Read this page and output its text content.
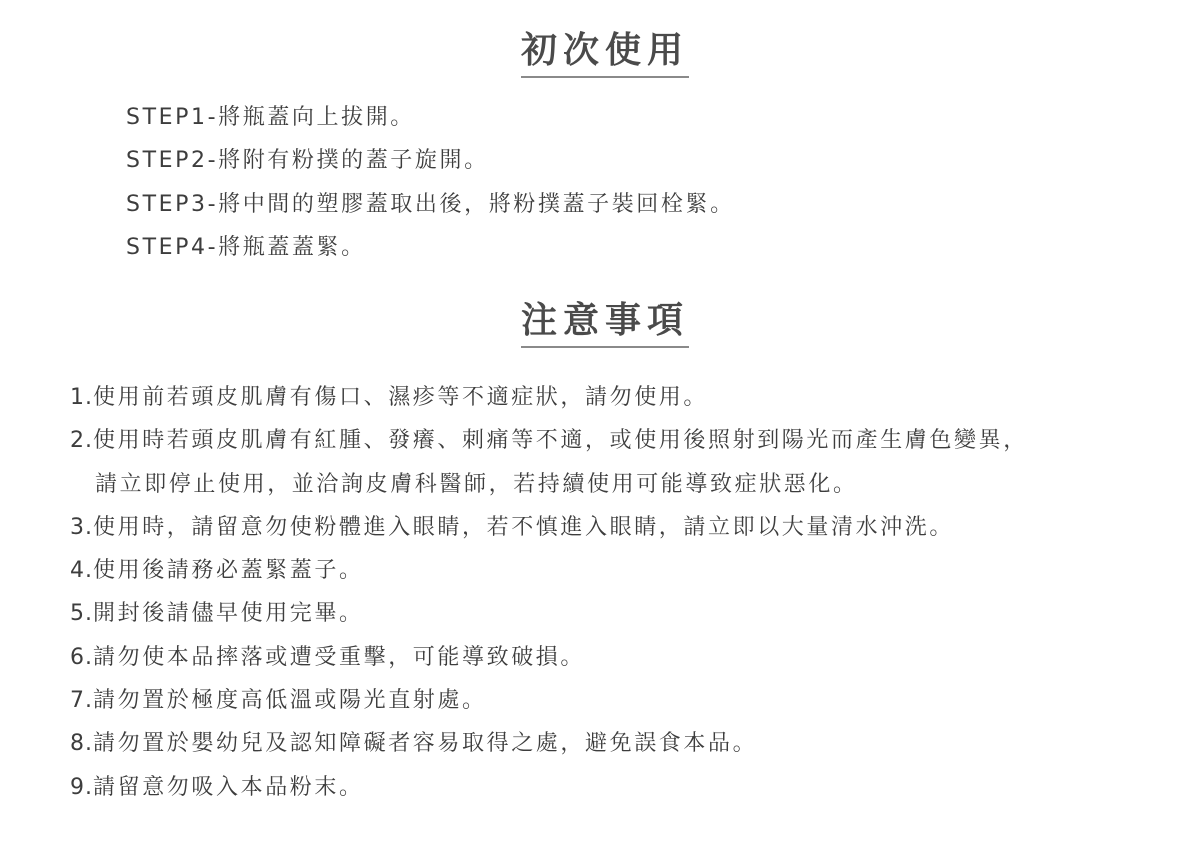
初次使用
STEP1-將瓶蓋向上拔開。
STEP2-將附有粉撲的蓋子旋開。
STEP3-將中間的塑膠蓋取出後，將粉撲蓋子裝回栓緊。
STEP4-將瓶蓋蓋緊。
注意事項
1.使用前若頭皮肌膚有傷口、濕疹等不適症狀，請勿使用。
2.使用時若頭皮肌膚有紅腫、發癢、刺痛等不適，或使用後照射到陽光而產生膚色變異，
請立即停止使用，並洽詢皮膚科醫師，若持續使用可能導致症狀惡化。
3.使用時，請留意勿使粉體進入眼睛，若不慎進入眼睛，請立即以大量清水沖洗。
4.使用後請務必蓋緊蓋子。
5.開封後請儘早使用完畢。
6.請勿使本品摔落或遭受重擊，可能導致破損。
7.請勿置於極度高低溫或陽光直射處。
8.請勿置於嬰幼兒及認知障礙者容易取得之處，避免誤食本品。
9.請留意勿吸入本品粉末。
